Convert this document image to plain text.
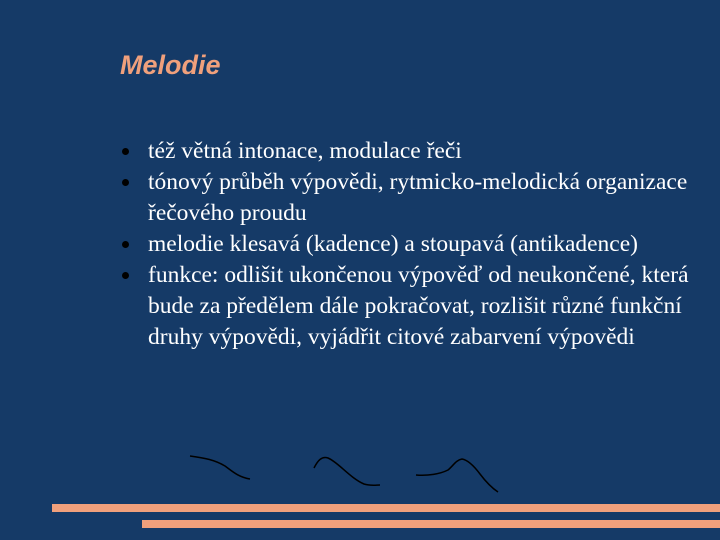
Melodie
též větná intonace, modulace řeči
tónový průběh výpovědi, rytmicko-melodická organizace řečového proudu
melodie klesavá (kadence) a stoupavá (antikadence)
funkce: odlišit ukončenou výpověď od neukončené, která bude za předělem dále pokračovat, rozlišit různé funkční druhy výpovědi, vyjádřit citové zabarvení výpovědi
